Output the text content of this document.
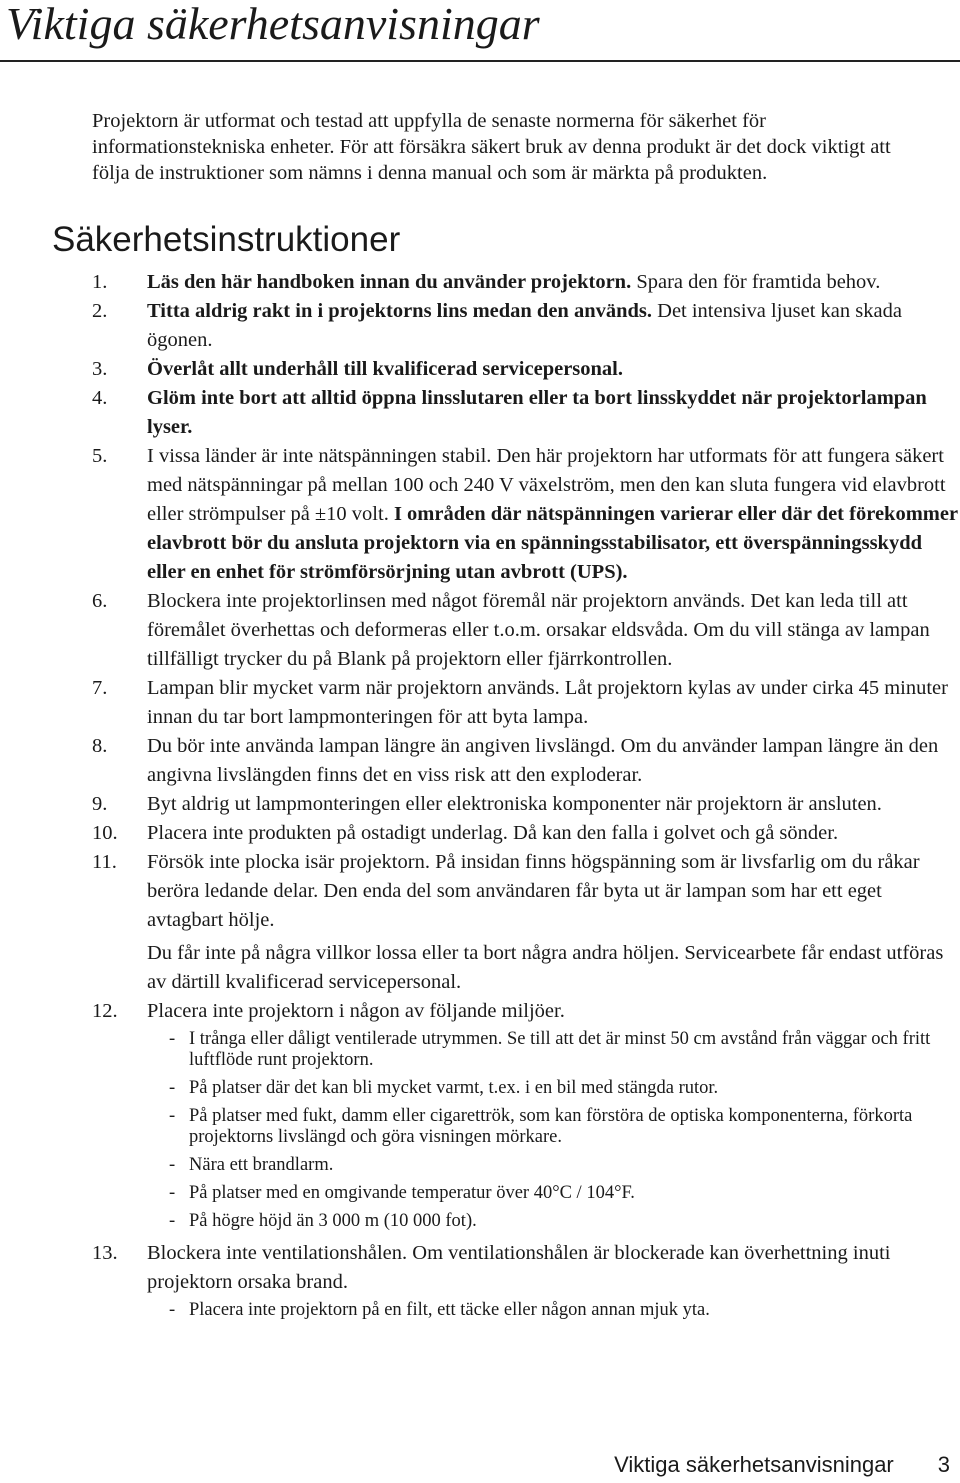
Viktiga säkerhetsanvisningar

Projektorn är utformat och testad att uppfylla de senaste normerna för säkerhet för informationstekniska enheter. För att försäkra säkert bruk av denna produkt är det dock viktigt att följa de instruktioner som nämns i denna manual och som är märkta på produkten.

Säkerhetsinstruktioner
1.	Läs den här handboken innan du använder projektorn. Spara den för framtida behov.
2.	Titta aldrig rakt in i projektorns lins medan den används. Det intensiva ljuset kan skada ögonen.
3.	Överlåt allt underhåll till kvalificerad servicepersonal.
4.	Glöm inte bort att alltid öppna linsslutaren eller ta bort linsskyddet när projektorlampan lyser.
5.	I vissa länder är inte nätspänningen stabil. Den här projektorn har utformats för att fungera säkert med nätspänningar på mellan 100 och 240 V växelström, men den kan sluta fungera vid elavbrott eller strömpulser på ±10 volt. I områden där nätspänningen varierar eller där det förekommer elavbrott bör du ansluta projektorn via en spänningsstabilisator, ett överspänningsskydd eller en enhet för strömförsörjning utan avbrott (UPS).
6.	Blockera inte projektorlinsen med något föremål när projektorn används. Det kan leda till att föremålet överhettas och deformeras eller t.o.m. orsakar eldsvåda. Om du vill stänga av lampan tillfälligt trycker du på Blank på projektorn eller fjärrkontrollen.
7.	Lampan blir mycket varm när projektorn används. Låt projektorn kylas av under cirka 45 minuter innan du tar bort lampmonteringen för att byta lampa.
8.	Du bör inte använda lampan längre än angiven livslängd. Om du använder lampan längre än den angivna livslängden finns det en viss risk att den exploderar.
9.	Byt aldrig ut lampmonteringen eller elektroniska komponenter när projektorn är ansluten.
10.	Placera inte produkten på ostadigt underlag. Då kan den falla i golvet och gå sönder.
11.	Försök inte plocka isär projektorn. På insidan finns högspänning som är livsfarlig om du råkar beröra ledande delar. Den enda del som användaren får byta ut är lampan som har ett eget avtagbart hölje.
Du får inte på några villkor lossa eller ta bort några andra höljen. Servicearbete får endast utföras av därtill kvalificerad servicepersonal.
12.	Placera inte projektorn i någon av följande miljöer.
- I trånga eller dåligt ventilerade utrymmen. Se till att det är minst 50 cm avstånd från väggar och fritt luftflöde runt projektorn.
- På platser där det kan bli mycket varmt, t.ex. i en bil med stängda rutor.
- På platser med fukt, damm eller cigarettrök, som kan förstöra de optiska komponenterna, förkorta projektorns livslängd och göra visningen mörkare.
- Nära ett brandlarm.
- På platser med en omgivande temperatur över 40°C / 104°F.
- På högre höjd än 3 000 m (10 000 fot).
13.	Blockera inte ventilationshålen. Om ventilationshålen är blockerade kan överhettning inuti projektorn orsaka brand.
- Placera inte projektorn på en filt, ett täcke eller någon annan mjuk yta.
Viktiga säkerhetsanvisningar 3
